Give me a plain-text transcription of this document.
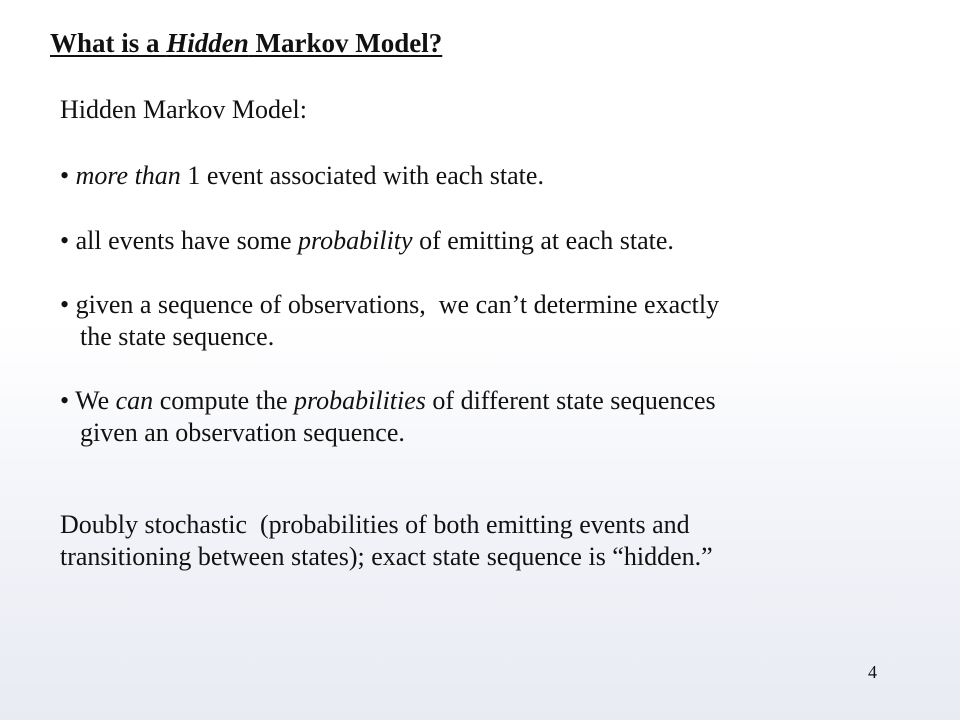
What is a Hidden Markov Model?

Hidden Markov Model:

• more than 1 event associated with each state.

• all events have some probability of emitting at each state.

• given a sequence of observations,  we can’t determine exactly
the state sequence.

• We can compute the probabilities of different state sequences
given an observation sequence.

Doubly stochastic  (probabilities of both emitting events and
transitioning between states); exact state sequence is “hidden.”

4
